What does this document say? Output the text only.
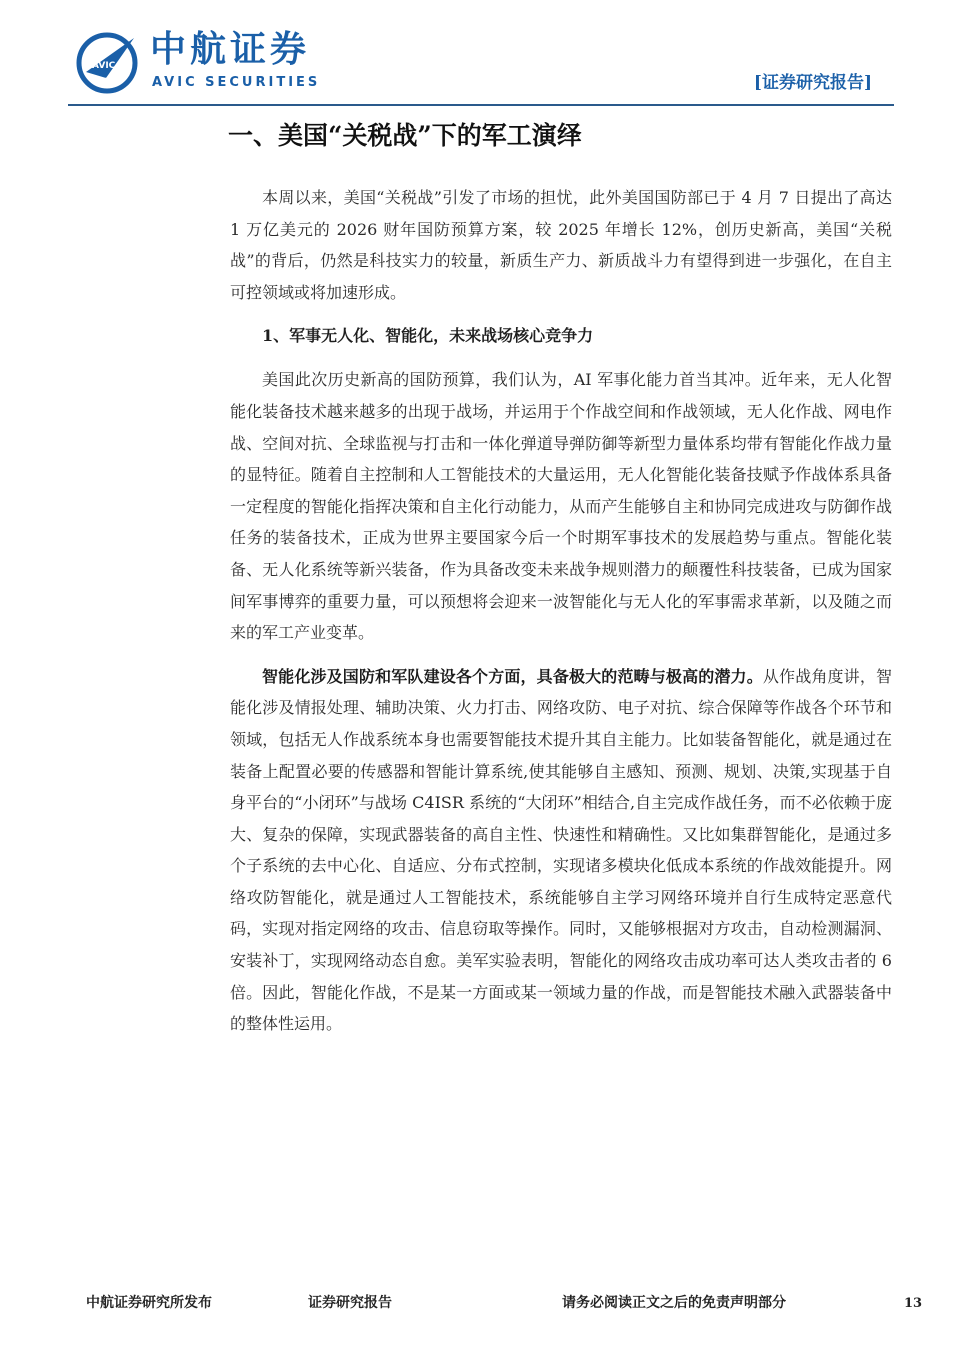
AVIC 中航证券
AVIC SECURITIES	[证券研究报告]
一、美国“关税战”下的军工演绎

本周以来，美国“关税战”引发了市场的担忧，此外美国国防部已于 4 月 7 日提出了高达 1 万亿美元的 2026 财年国防预算方案，较 2025 年增长 12%，创历史新高，美国“关税战”的背后，仍然是科技实力的较量，新质生产力、新质战斗力有望得到进一步强化，在自主可控领域或将加速形成。

1、军事无人化、智能化，未来战场核心竞争力

美国此次历史新高的国防预算，我们认为，AI 军事化能力首当其冲。近年来，无人化智能化装备技术越来越多的出现于战场，并运用于个作战空间和作战领域，无人化作战、网电作战、空间对抗、全球监视与打击和一体化弹道导弹防御等新型力量体系均带有智能化作战力量的显特征。随着自主控制和人工智能技术的大量运用，无人化智能化装备技赋予作战体系具备一定程度的智能化指挥决策和自主化行动能力，从而产生能够自主和协同完成进攻与防御作战任务的装备技术，正成为世界主要国家今后一个时期军事技术的发展趋势与重点。智能化装备、无人化系统等新兴装备，作为具备改变未来战争规则潜力的颠覆性科技装备，已成为国家间军事博弈的重要力量，可以预想将会迎来一波智能化与无人化的军事需求革新，以及随之而来的军工产业变革。

智能化涉及国防和军队建设各个方面，具备极大的范畴与极高的潜力。从作战角度讲，智能化涉及情报处理、辅助决策、火力打击、网络攻防、电子对抗、综合保障等作战各个环节和领域，包括无人作战系统本身也需要智能技术提升其自主能力。比如装备智能化，就是通过在装备上配置必要的传感器和智能计算系统,使其能够自主感知、预测、规划、决策,实现基于自身平台的“小闭环”与战场 C4ISR 系统的“大闭环”相结合,自主完成作战任务，而不必依赖于庞大、复杂的保障，实现武器装备的高自主性、快速性和精确性。又比如集群智能化，是通过多个子系统的去中心化、自适应、分布式控制，实现诸多模块化低成本系统的作战效能提升。网络攻防智能化，就是通过人工智能技术，系统能够自主学习网络环境并自行生成特定恶意代码，实现对指定网络的攻击、信息窃取等操作。同时，又能够根据对方攻击，自动检测漏洞、安装补丁，实现网络动态自愈。美军实验表明，智能化的网络攻击成功率可达人类攻击者的 6 倍。因此，智能化作战，不是某一方面或某一领域力量的作战，而是智能技术融入武器装备中的整体性运用。

中航证券研究所发布	证券研究报告	请务必阅读正文之后的免责声明部分	13
